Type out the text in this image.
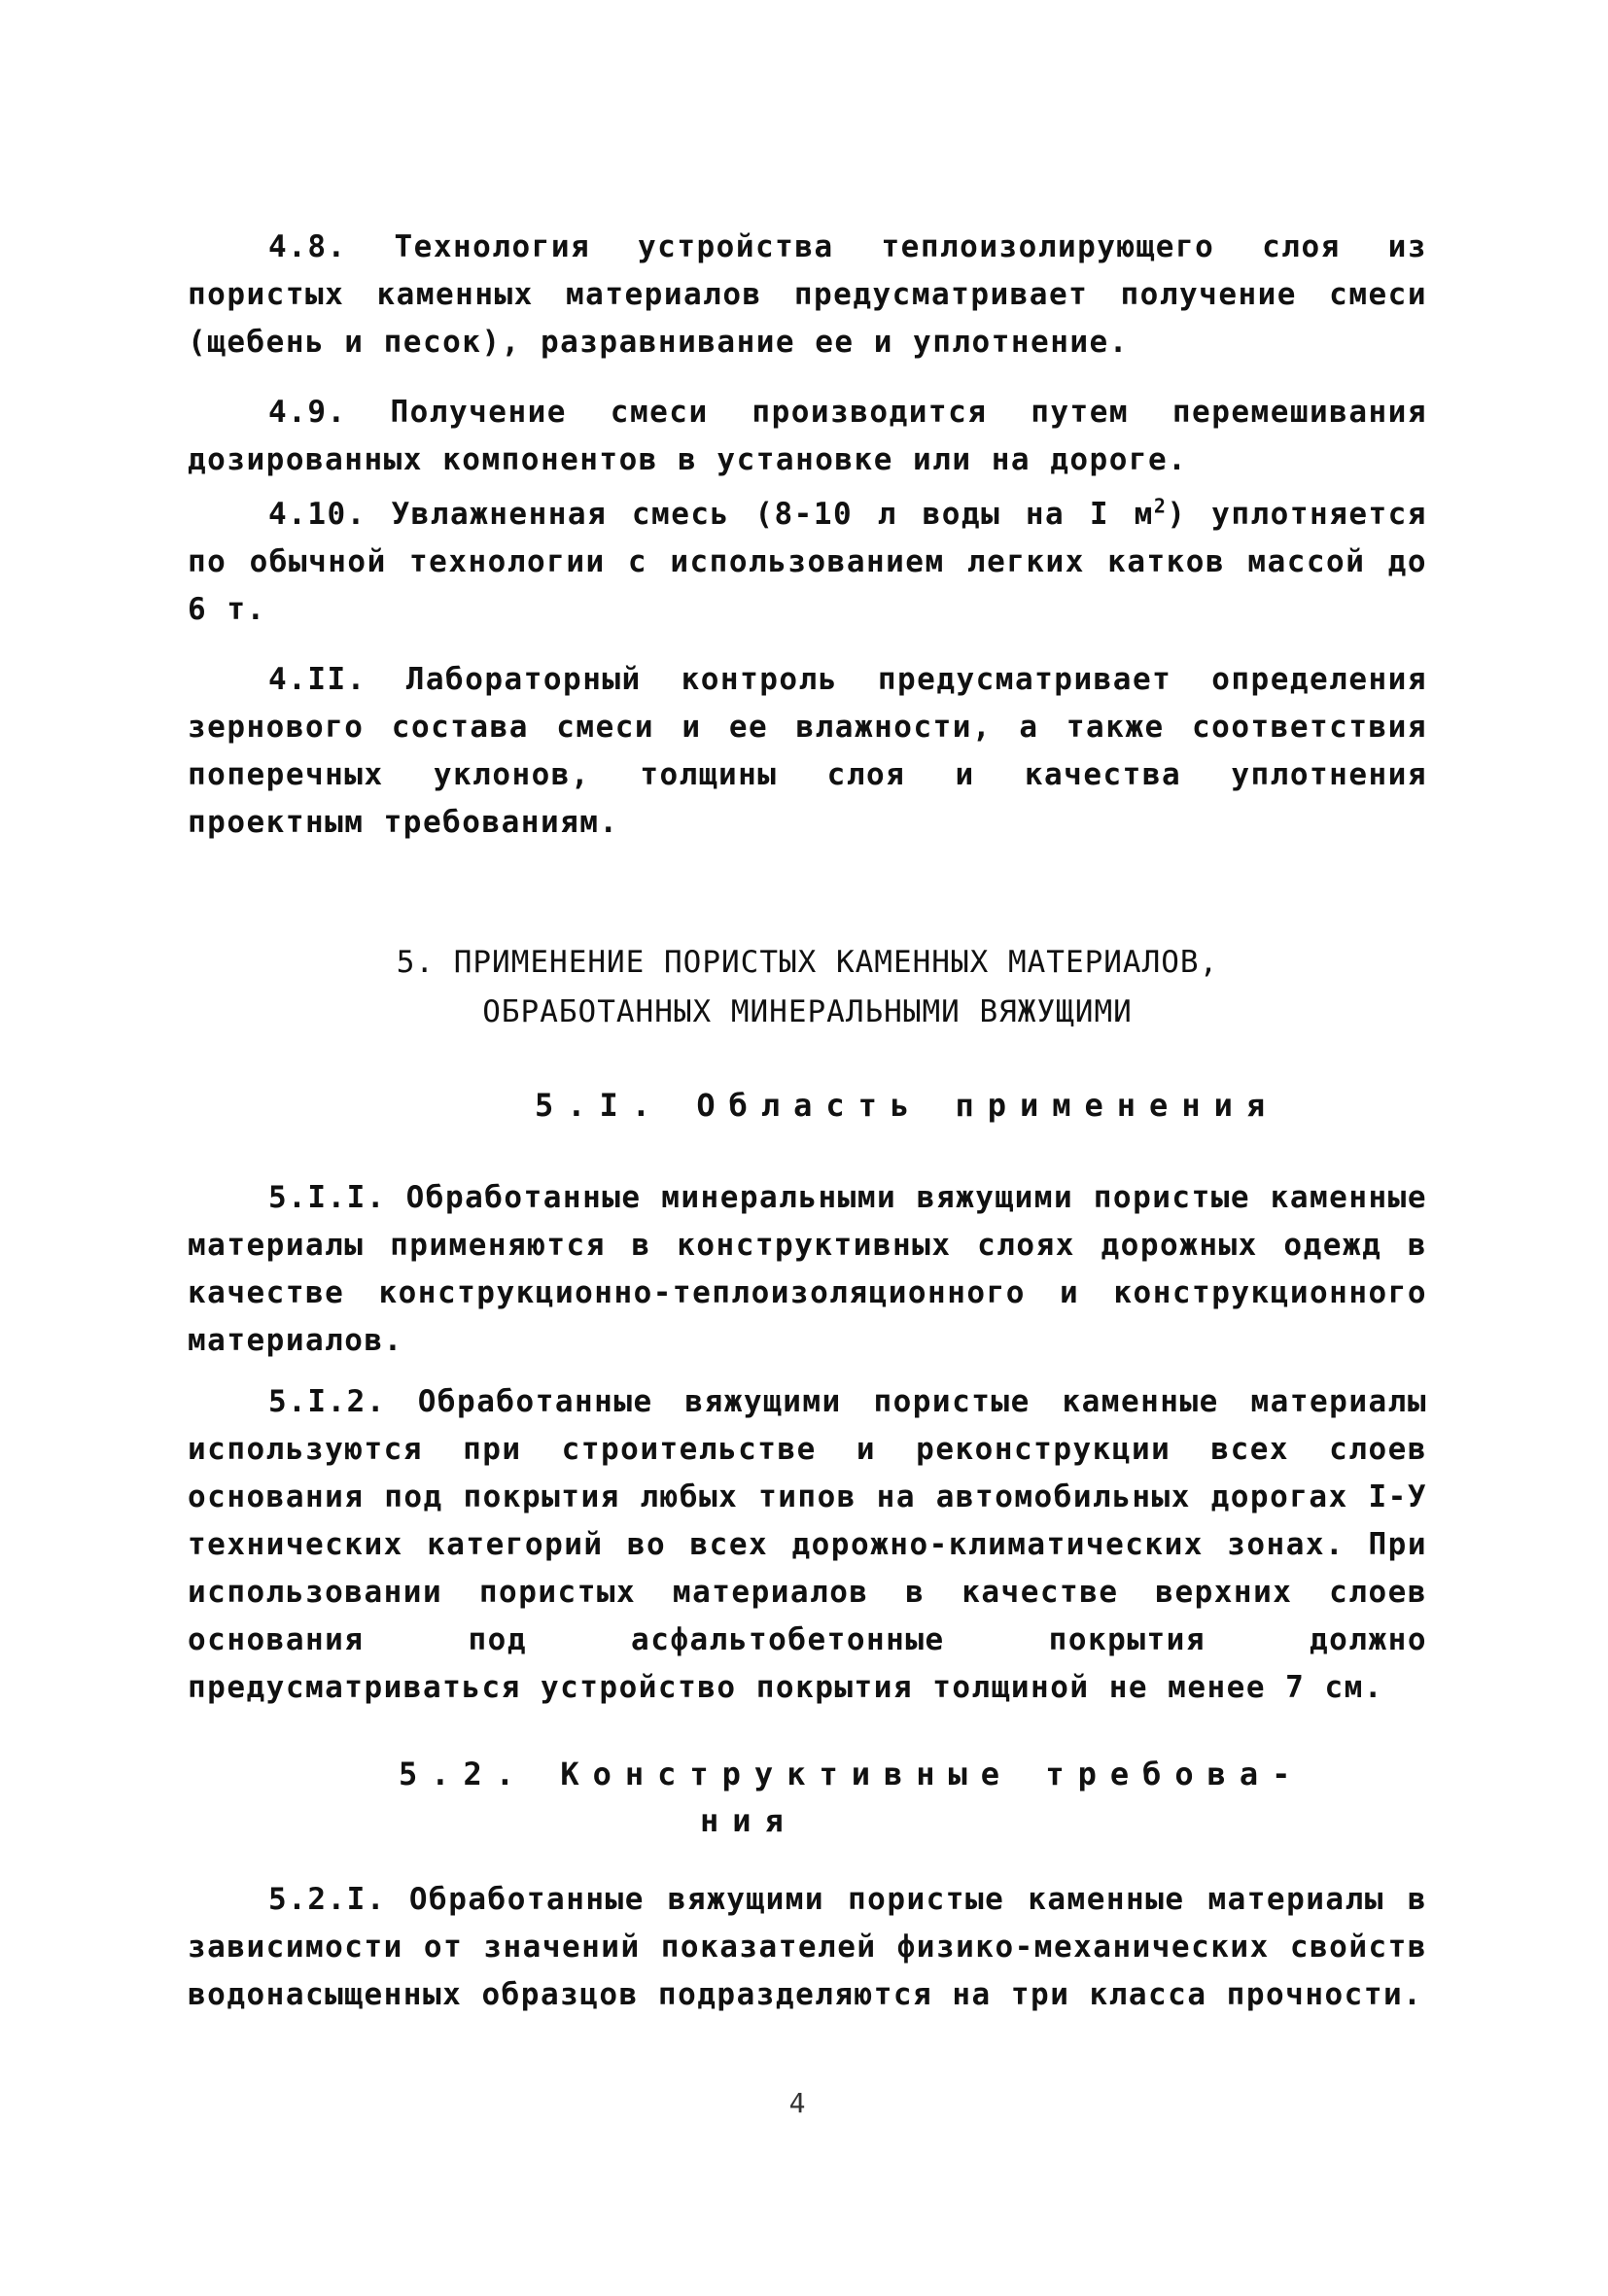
4.8. Технология устройства теплоизолирующего слоя из пористых каменных материалов предусматривает получение смеси (щебень и песок), разравнивание ее и уплотнение.

4.9. Получение смеси производится путем перемешивания дозированных компонентов в установке или на дороге.

4.10. Увлажненная смесь (8-10 л воды на I $м^2$) уплотняется по обычной технологии с использованием легких катков массой до 6 т.

4.II. Лабораторный контроль предусматривает определения зернового состава смеси и ее влажности, а также соответствия поперечных уклонов, толщины слоя и качества уплотнения проектным требованиям.

5. ПРИМЕНЕНИЕ ПОРИСТЫХ КАМЕННЫХ МАТЕРИАЛОВ,
ОБРАБОТАННЫХ МИНЕРАЛЬНЫМИ ВЯЖУЩИМИ
5.I. Область применения

5.I.I. Обработанные минеральными вяжущими пористые каменные материалы применяются в конструктивных слоях дорожных одежд в качестве конструкционно-теплоизоляционного и конструкционного материалов.

5.I.2. Обработанные вяжущими пористые каменные материалы используются при строительстве и реконструкции всех слоев основания под покрытия любых типов на автомобильных дорогах I-У технических категорий во всех дорожно-климатических зонах. При использовании пористых материалов в качестве верхних слоев основания под асфальтобетонные покрытия должно предусматриваться устройство покрытия толщиной не менее 7 см.

5.2. Конструктивные требова-
ния

5.2.I. Обработанные вяжущими пористые каменные материалы в зависимости от значений показателей физико-механических свойств водонасыщенных образцов подразделяются на три класса прочности.

4
